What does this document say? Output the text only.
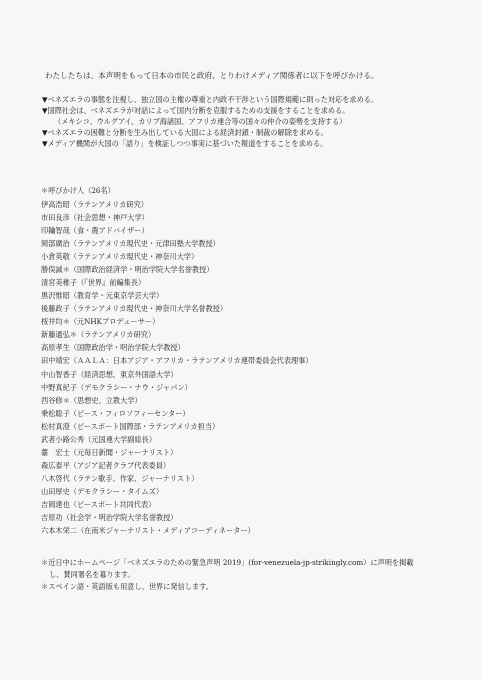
わたしたちは、本声明をもって日本の市民と政府、とりわけメディア関係者に以下を呼びかける。
▼ベネズエラの事態を注視し、独立国の主権の尊重と内政不干渉という国際規範に則った対応を求める。
▼国際社会は、ベネズエラが対話によって国内分断を克服するための支援をすることを求める。
（メキシコ、ウルグアイ、カリブ海諸国、アフリカ連合等の国々の仲介の姿勢を支持する）
▼ベネズエラの困難と分断を生み出している大国による経済封鎖・制裁の解除を求める。
▼メディア機関が大国の「語り」を検証しつつ事実に基づいた報道をすることを求める。
＊呼びかけ人（26名）
伊高浩昭（ラテンアメリカ研究）
市田良彦（社会思想・神戸大学）
印鑰智哉（食・農アドバイザー）
岡部廣治（ラテンアメリカ現代史・元津田塾大学教授）
小倉英敬（ラテンアメリカ現代史・神奈川大学）
勝俣誠＊（国際政治経済学・明治学院大学名誉教授）
清宮美稚子（『世界』前編集長）
黒沢惟昭（教育学・元東京学芸大学）
後藤政子（ラテンアメリカ現代史・神奈川大学名誉教授）
桜井均＊（元NHKプロデューサー）
新藤通弘＊（ラテンアメリカ研究）
高原孝生（国際政治学・明治学院大学教授）
田中靖宏（ＡＡＬＡ：日本アジア・アフリカ・ラテンアメリカ連帯委員会代表理事）
中山智香子（経済思想、東京外国語大学）
中野真紀子（デモクラシー・ナウ・ジャパン）
西谷修＊（思想史、立教大学）
乗松聡子（ピース・フィロソフィーセンター）
松村真澄（ピースボート国際部・ラテンアメリカ担当）
武者小路公秀（元国連大学副総長）
薹　宏士（元毎日新聞・ジャーナリスト）
森広泰平（アジア記者クラブ代表委員）
八木啓代（ラテン歌手、作家、ジャーナリスト）
山田厚史（デモクラシー・タイムズ）
吉岡達也（ピースボート共同代表）
吉原功（社会学・明治学院大学名誉教授）
六本木栄二（在南米ジャーナリスト・メディアコーディネーター）
＊近日中にホームページ「ベネズエラのための緊急声明 2019」(for-venezuela-jp-strikingly.com）に声明を掲載
し、賛同署名を募ります。
＊スペイン語・英語版も用意し、世界に発信します。
